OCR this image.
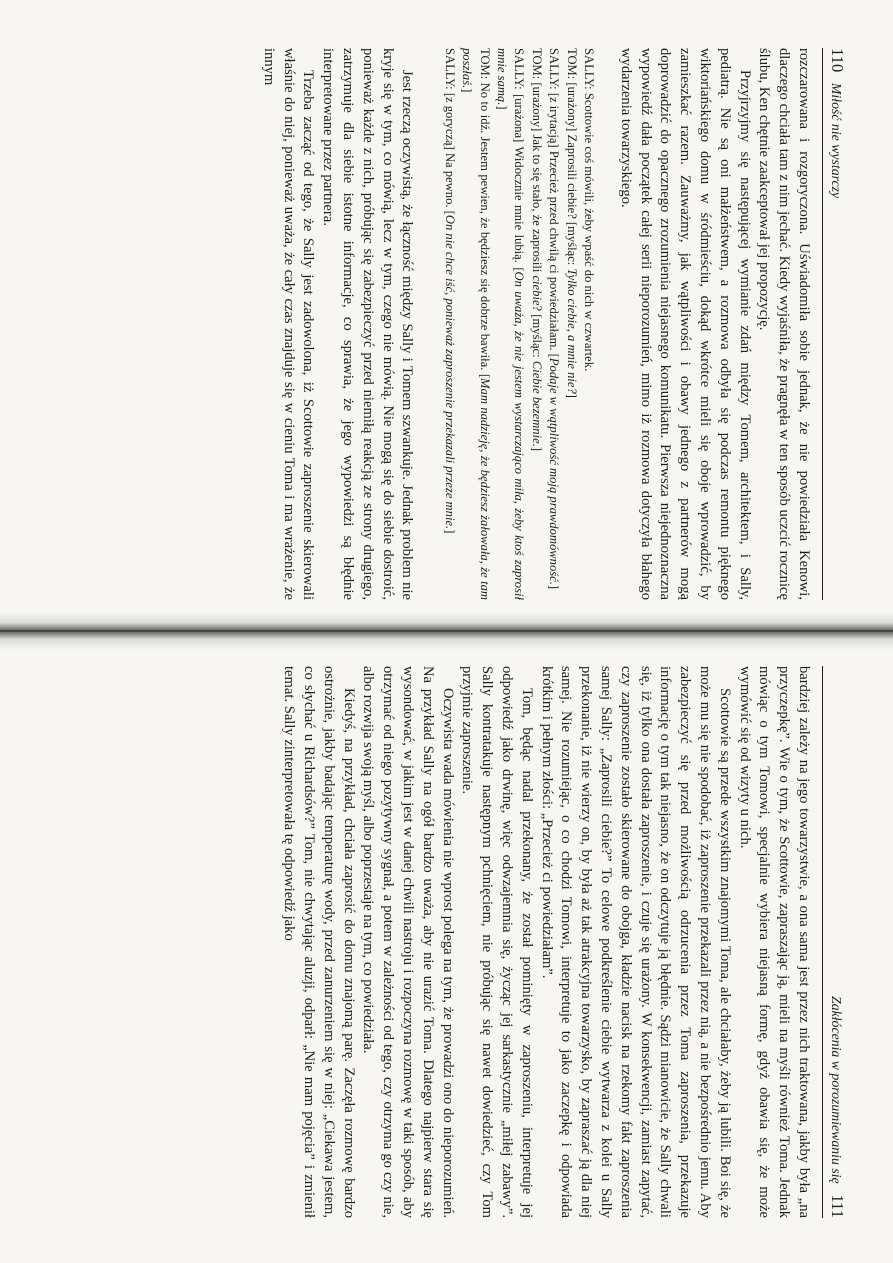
110   Miłość nie wystarczy

rozczarowana i rozgoryczona. Uświadomiła sobie jednak, że nie powiedziała Kenowi, dlaczego chciała tam z nim jechać. Kiedy wyjaśniła, że pragnęła w ten sposób uczcić rocznicę ślubu, Ken chętnie zaakceptował jej propozycję.

Przyjrzyjmy się następującej wymianie zdań między Tomem, architektem, i Sally, pediatrą. Nie są oni małżeństwem, a rozmowa odbyła się podczas remontu pięknego wiktoriańskiego domu w śródmieściu, dokąd wkrótce mieli się oboje wprowadzić, by zamieszkać razem. Zauważmy, jak wątpliwości i obawy jednego z partnerów mogą doprowadzić do opacznego zrozumienia niejasnego komunikatu. Pierwsza niejednoznaczna wypowiedź dała początek całej serii nieporozumień, mimo iż rozmowa dotyczyła błahego wydarzenia towarzyskiego.

SALLY: Scottowie coś mówili, żeby wpaść do nich w czwartek.

TOM: [urażony] Zaprosili ciebie? [myśląc: Tylko ciebie, a mnie nie?]

SALLY: [z irytacją] Przecież przed chwilą ci powiedziałam. [Podaje w wątpliwość moją prawdomówność.]

TOM: [urażony] Jak to się stało, że zaprosili ciebie? [myśląc: Ciebie bezemnie.]

SALLY: [urażona] Widocznie mnie lubią. [On uważa, że nie jestem wystarczająco miła, żeby ktoś zaprosił mnie samą.]

TOM: No to idź. Jestem pewien, że będziesz się dobrze bawiła. [Mam nadzieję, że będziesz żałowała, że tam poszłaś.]

SALLY: [z goryczą] Na pewno. [On nie chce iść, ponieważ zaproszenie przekazali przeze mnie.]

Jest rzeczą oczywistą, że łączność między Sally i Tomem szwankuje. Jednak problem nie kryje się w tym, co mówią, lecz w tym, czego nie mówią. Nie mogą się do siebie dostroić, ponieważ każde z nich, próbując się zabezpieczyć przed niemiłą reakcją ze strony drugiego, zatrzymuje dla siebie istotne informacje, co sprawia, że jego wypowiedzi są błędnie interpretowane przez partnera.

Trzeba zacząć od tego, że Sally jest zadowolona, iż Scottowie zaproszenie skierowali właśnie do niej, ponieważ uważa, że cały czas znajduje się w cieniu Toma i ma wrażenie, że innym

Zakłócenia w porozumiewaniu się   111

bardziej zależy na jego towarzystwie, a ona sama jest przez nich traktowana, jakby była „na przyczepkę”. Wie o tym, że Scottowie, zapraszając ją, mieli na myśli również Toma. Jednak mówiąc o tym Tomowi, specjalnie wybiera niejasną formę, gdyż obawia się, że może wymówić się od wizyty u nich.

Scottowie są przede wszystkim znajomymi Toma, ale chciałaby, żeby ją lubili. Boi się, że może mu się nie spodobać, iż zaproszenie przekazali przez nią, a nie bezpośrednio jemu. Aby zabezpieczyć się przed możliwością odrzucenia przez Toma zaproszenia, przekazuje informację o tym tak niejasno, że on odczytuje ją błędnie. Sądzi mianowicie, że Sally chwali się, iż tylko ona dostała zaproszenie, i czuje się urażony. W konsekwencji, zamiast zapytać, czy zaproszenie zostało skierowane do obojga, kładzie nacisk na rzekomy fakt zaproszenia samej Sally: „Zaprosili ciebie?” To celowe podkreślenie ciebie wytwarza z kolei u Sally przekonanie, iż nie wierzy on, by była aż tak atrakcyjna towarzysko, by zapraszać ją dla niej samej. Nie rozumiejąc, o co chodzi Tomowi, interpretuje to jako zaczepkę i odpowiada krótkim i pełnym złości: „Przecież ci powiedziałam”.

Tom, będąc nadal przekonany, że został pominięty w zaproszeniu, interpretuje jej odpowiedź jako drwinę, więc odwzajemnia się, życząc jej sarkastycznie „miłej zabawy”. Sally kontratakuje następnym pchnięciem, nie próbując się nawet dowiedzieć, czy Tom przyjmie zaproszenie.

Oczywista wada mówienia nie wprost polega na tym, że prowadzi ono do nieporozumień. Na przykład Sally na ogół bardzo uważa, aby nie urazić Toma. Dlatego najpierw stara się wysondować, w jakim jest w danej chwili nastroju i rozpoczyna rozmowę w taki sposób, aby otrzymać od niego pozytywny sygnał, a potem w zależności od tego, czy otrzyma go czy nie, albo rozwija swoją myśl, albo poprzestaje na tym, co powiedziała.

Kiedyś, na przykład, chciała zaprosić do domu znajomą parę. Zaczęła rozmowę bardzo ostrożnie, jakby badając temperaturę wody, przed zanurzeniem się w niej: „Ciekawa jestem, co słychać u Richardsów?” Tom, nie chwytając aluzji, odparł: „Nie mam pojęcia” i zmienił temat. Sally zinterpretowała tę odpowiedź jako
